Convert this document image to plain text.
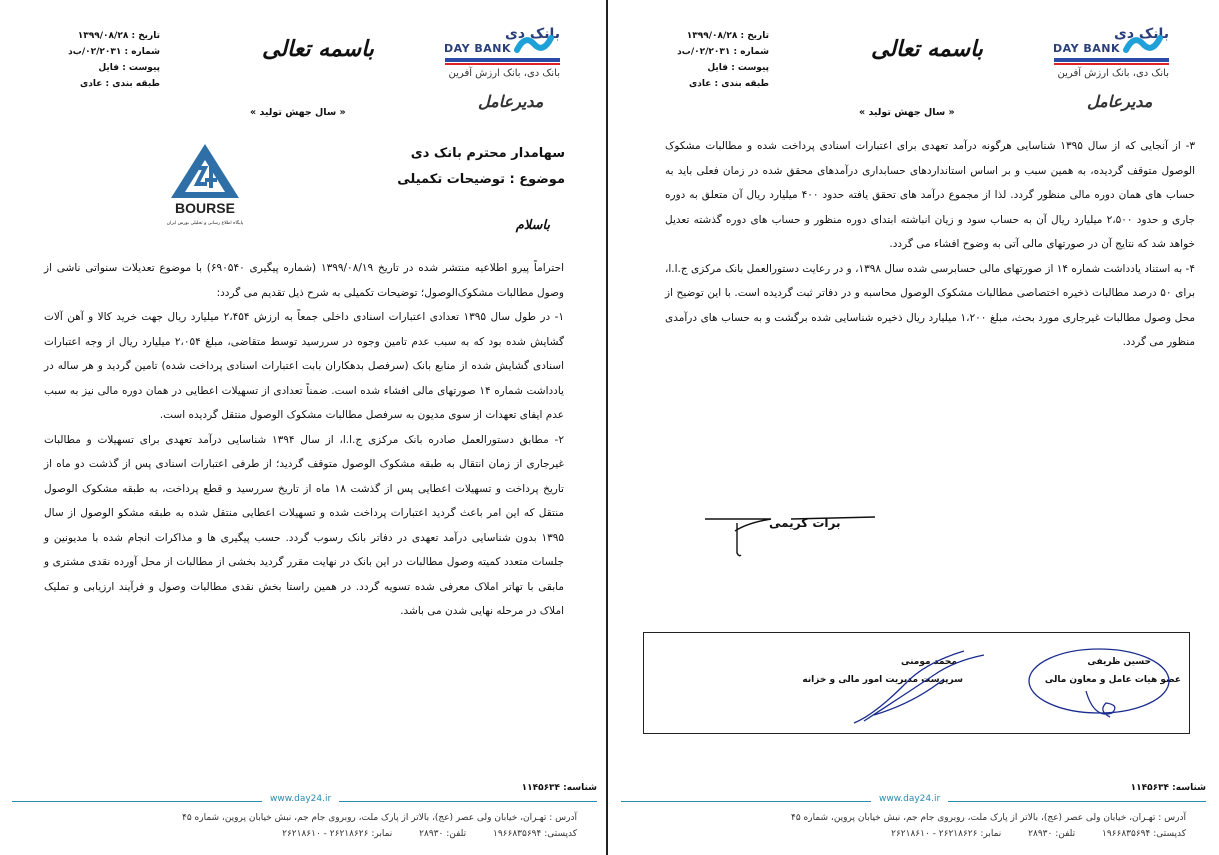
تاریخ : ۱۳۹۹/۰۸/۲۸
شماره : ۰۲/۲۰۳۱/ب‌د
پیوست : فایل
طبقه بندی : عادی
باسمه تعالی
بانک دی
DAY BANK
بانک دی، بانک ارزش آفرین
مدیرعامل
« سال جهش تولید »
سهامدار محترم بانک دی
موضوع : توضیحات تکمیلی
BOURSE
پایگاه اطلاع رسانی و تحلیلی بورس ایران	باسلام

احتراماً پیرو اطلاعیه منتشر شده در تاریخ ۱۳۹۹/۰۸/۱۹ (شماره پیگیری ۶۹۰۵۴۰) با موضوع تعدیلات سنواتی ناشی از وصول مطالبات مشکوک‌الوصول؛ توضیحات تکمیلی به شرح ذیل تقدیم می گردد:

۱- در طول سال ۱۳۹۵ تعدادی اعتبارات اسنادی داخلی جمعاً به ارزش ۲،۴۵۴ میلیارد ریال جهت خرید کالا و آهن آلات گشایش شده بود که به سبب عدم تامین وجوه در سررسید توسط متقاضی، مبلغ ۲،۰۵۴ میلیارد ریال از وجه اعتبارات اسنادی گشایش شده از منابع بانک (سرفصل بدهکاران بابت اعتبارات اسنادی پرداخت شده) تامین گردید و هر ساله در یادداشت شماره ۱۴ صورتهای مالی افشاء شده است. ضمناً تعدادی از تسهیلات اعطایی در همان دوره مالی نیز به سبب عدم ایفای تعهدات از سوی مدیون به سرفصل مطالبات مشکوک الوصول منتقل گردیده است.

۲- مطابق دستورالعمل صادره بانک مرکزی ج.ا.ا، از سال ۱۳۹۴ شناسایی درآمد تعهدی برای تسهیلات و مطالبات غیرجاری از زمان انتقال به طبقه مشکوک الوصول متوقف گردید؛ از طرفی اعتبارات اسنادی پس از گذشت دو ماه از تاریخ پرداخت و تسهیلات اعطایی پس از گذشت ۱۸ ماه از تاریخ سررسید و قطع پرداخت، به طبقه مشکوک الوصول منتقل که این امر باعث گردید اعتبارات پرداخت شده و تسهیلات اعطایی منتقل شده به طبقه مشکو الوصول از سال ۱۳۹۵ بدون شناسایی درآمد تعهدی در دفاتر بانک رسوب گردد. حسب پیگیری ها و مذاکرات انجام شده با مدیونین و جلسات متعدد کمیته وصول مطالبات در این بانک در نهایت مقرر گردید بخشی از مطالبات از محل آورده نقدی مشتری و مابقی با تهاتر املاک معرفی شده تسویه گردد. در همین راستا بخش نقدی مطالبات وصول و فرآیند ارزیابی و تملیک املاک در مرحله نهایی شدن می باشد.

شناسه: ۱۱۴۵۶۳۴
www.day24.ir
آدرس : تهـران، خیابان ولی عصر (عج)، بالاتر از پارک ملت، روبروی جام جم، نبش خیابان پروین، شماره ۴۵
کدپستی: ۱۹۶۶۸۳۵۶۹۴ تلفن: ۲۸۹۳۰ نمابر: ۲۶۲۱۸۶۲۶ - ۲۶۲۱۸۶۱۰
تاریخ : ۱۳۹۹/۰۸/۲۸
شماره : ۰۲/۲۰۳۱/ب‌د
پیوست : فایل
طبقه بندی : عادی
باسمه تعالی
بانک دی
DAY BANK
بانک دی، بانک ارزش آفرین
مدیرعامل
« سال جهش تولید »

۳- از آنجایی که از سال ۱۳۹۵ شناسایی هرگونه درآمد تعهدی برای اعتبارات اسنادی پرداخت شده و مطالبات مشکوک الوصول متوقف گردیده، به همین سبب و بر اساس استانداردهای حسابداری درآمدهای محقق شده در زمان فعلی باید به حساب های همان دوره مالی منظور گردد. لذا از مجموع درآمد های تحقق یافته حدود ۴۰۰ میلیارد ریال آن متعلق به دوره جاری و حدود ۲،۵۰۰ میلیارد ریال آن به حساب سود و زیان انباشته ابتدای دوره منظور و حساب های دوره گذشته تعدیل خواهد شد که نتایج آن در صورتهای مالی آتی به وضوح افشاء می گردد.

۴- به استناد یادداشت شماره ۱۴ از صورتهای مالی حسابرسی شده سال ۱۳۹۸، و در رعایت دستورالعمل بانک مرکزی ج.ا.ا، برای ۵۰ درصد مطالبات ذخیره اختصاصی مطالبات مشکوک الوصول محاسبه و در دفاتر ثبت گردیده است. با این توضیح از محل وصول مطالبات غیرجاری مورد بحث، مبلغ ۱،۲۰۰ میلیارد ریال ذخیره شناسایی شده برگشت و به حساب های درآمدی منظور می گردد.

برات کریمی
حسین ظریفی
عضو هیات عامل و معاون مالی
محمد مومنی
سرپرست مدیریت امور مالی و خزانه
شناسه: ۱۱۴۵۶۳۴
www.day24.ir
آدرس : تهـران، خیابان ولی عصر (عج)، بالاتر از پارک ملت، روبروی جام جم، نبش خیابان پروین، شماره ۴۵
کدپستی: ۱۹۶۶۸۳۵۶۹۴ تلفن: ۲۸۹۳۰ نمابر: ۲۶۲۱۸۶۲۶ - ۲۶۲۱۸۶۱۰
